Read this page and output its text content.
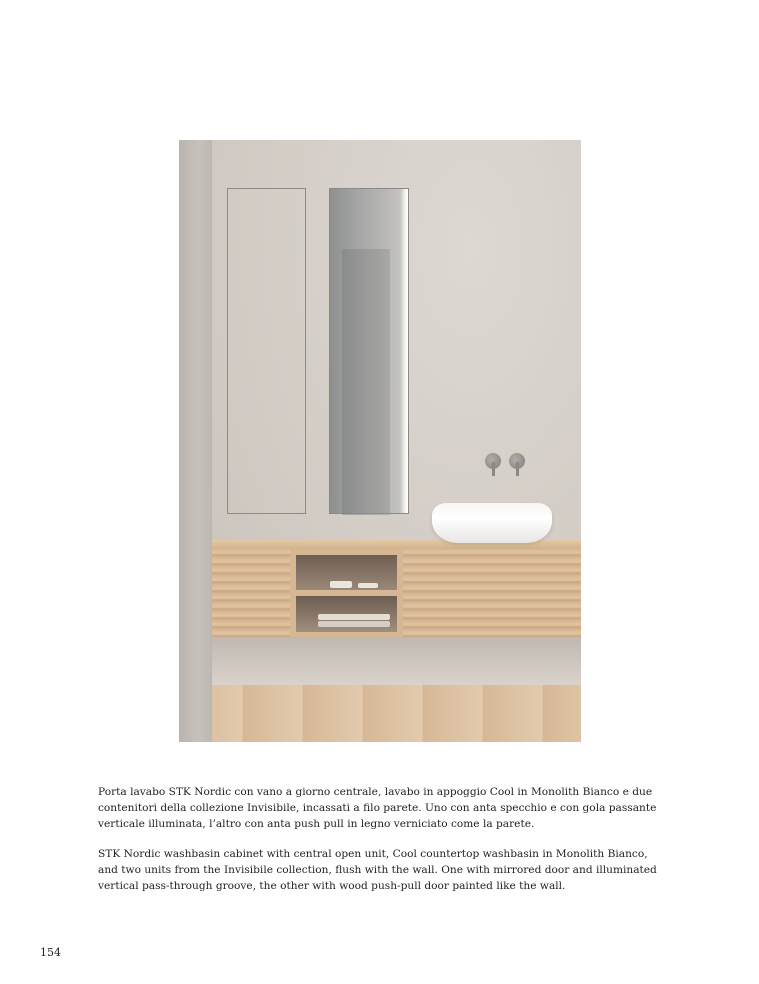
Porta lavabo STK Nordic con vano a giorno centrale, lavabo in appoggio Cool in Monolith Bianco e due contenitori della collezione Invisibile, incassati a filo parete. Uno con anta specchio e con gola passante verticale illuminata, l’altro con anta push pull in legno verniciato come la parete.

STK Nordic washbasin cabinet with central open unit, Cool countertop washbasin in Monolith Bianco, and two units from the Invisibile collection, flush with the wall. One with mirrored door and illuminated vertical pass-through groove, the other with wood push-pull door painted like the wall.

154
